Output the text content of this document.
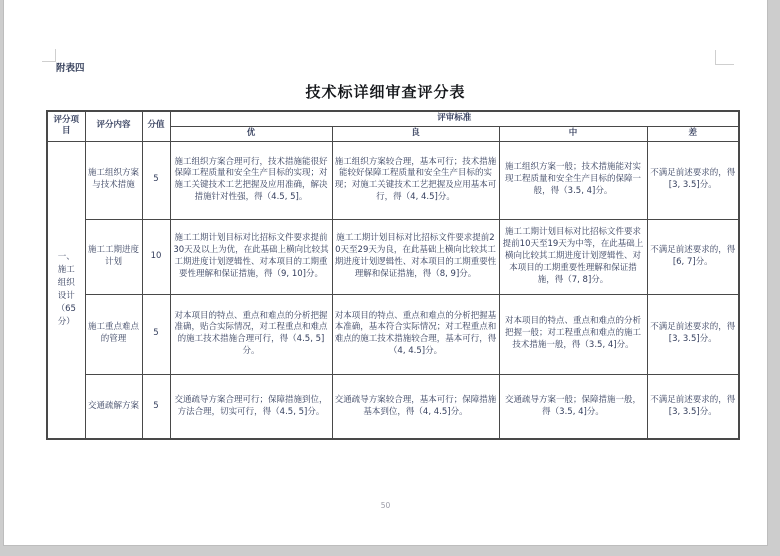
附表四
技术标详细审查评分表
评分项目	评分内容	分值	评审标准			
			优	良	中	差
一、施工组织设计（65分）	施工组织方案与技术措施	5	施工组织方案合理可行，技术措施能很好保障工程质量和安全生产目标的实现；对施工关键技术工艺把握及应用准确，解决措施针对性强，得（4.5, 5]。	施工组织方案较合理，基本可行；技术措施能较好保障工程质量和安全生产目标的实现；对施工关键技术工艺把握及应用基本可行，得（4, 4.5]分。	施工组织方案一般；技术措施能对实现工程质量和安全生产目标的保障一般，得（3.5, 4]分。	不满足前述要求的，得[3, 3.5]分。
	施工工期进度计划	10	施工工期计划目标对比招标文件要求提前30天及以上为优，在此基础上横向比较其工期进度计划逻辑性、对本项目的工期重要性理解和保证措施，得（9, 10]分。	施工工期计划目标对比招标文件要求提前20天至29天为良，在此基础上横向比较其工期进度计划逻辑性、对本项目的工期重要性理解和保证措施，得（8, 9]分。	施工工期计划目标对比招标文件要求提前10天至19天为中等，在此基础上横向比较其工期进度计划逻辑性、对本项目的工期重要性理解和保证措施，得（7, 8]分。	不满足前述要求的，得[6, 7]分。
	施工重点难点的管理	5	对本项目的特点、重点和难点的分析把握准确，贴合实际情况，对工程重点和难点的施工技术措施合理可行，得（4.5, 5]分。	对本项目的特点、重点和难点的分析把握基本准确，基本符合实际情况；对工程重点和难点的施工技术措施较合理，基本可行，得（4, 4.5]分。	对本项目的特点、重点和难点的分析把握一般；对工程重点和难点的施工技术措施一般，得（3.5, 4]分。	不满足前述要求的，得[3, 3.5]分。
	交通疏解方案	5	交通疏导方案合理可行；保障措施到位，方法合理，切实可行，得（4.5, 5]分。	交通疏导方案较合理，基本可行；保障措施基本到位，得（4, 4.5]分。	交通疏导方案一般；保障措施一般，得（3.5, 4]分。	不满足前述要求的，得[3, 3.5]分。
50
